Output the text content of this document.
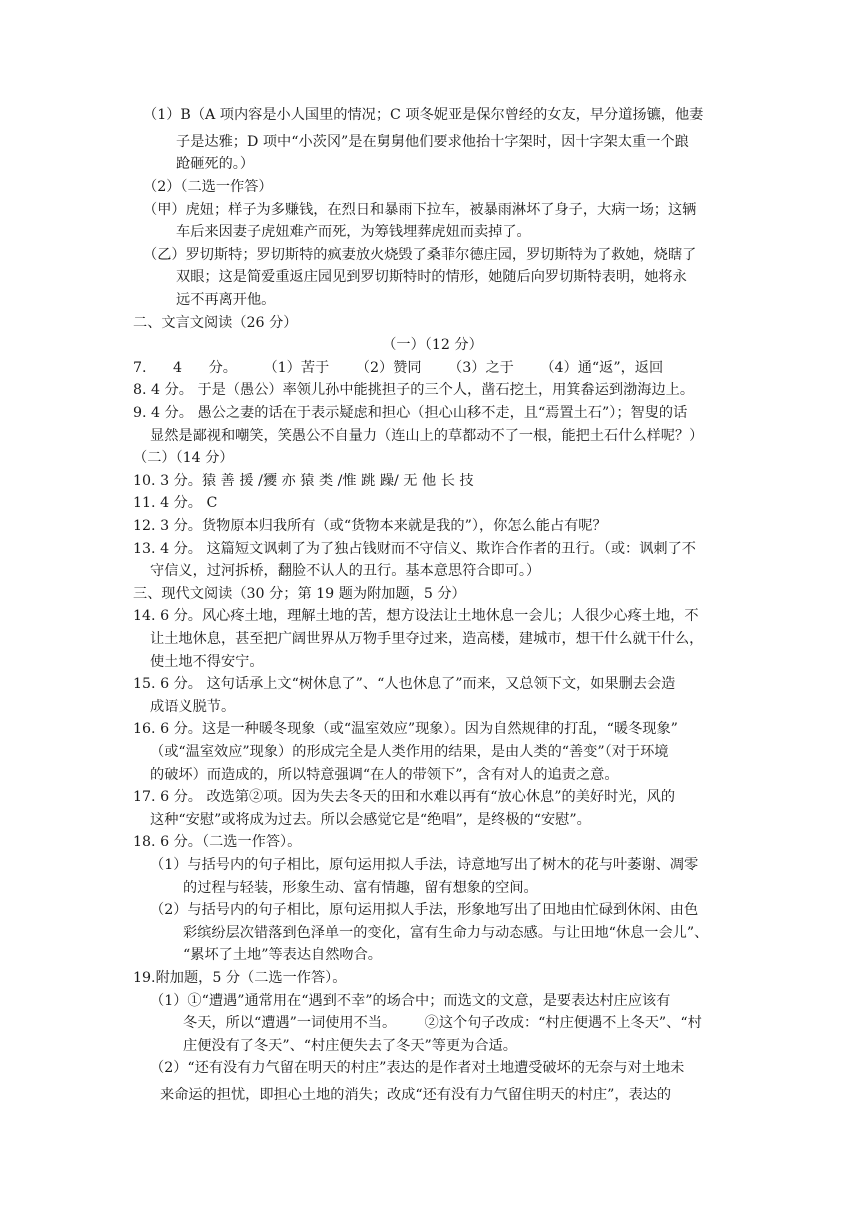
（1）B（A 项内容是小人国里的情况；C 项冬妮亚是保尔曾经的女友，早分道扬镳，他妻
子是达雅；D 项中“小茨冈”是在舅舅他们要求他抬十字架时，因十字架太重一个踉
跄砸死的。）
（2）（二选一作答）
（甲）虎妞；样子为多赚钱，在烈日和暴雨下拉车，被暴雨淋坏了身子，大病一场；这辆
车后来因妻子虎妞难产而死，为筹钱埋葬虎妞而卖掉了。
（乙）罗切斯特；罗切斯特的疯妻放火烧毁了桑菲尔德庄园，罗切斯特为了救她，烧瞎了
双眼；这是简爱重返庄园见到罗切斯特时的情形，她随后向罗切斯特表明，她将永
远不再离开他。
二、文言文阅读（26 分）
（一）（12 分）
7. 4 分。 （1）苦于 （2）赞同 （3）之于 （4）通“返”，返回
8. 4 分。 于是（愚公）率领儿孙中能挑担子的三个人，凿石挖土，用箕畚运到渤海边上。
9. 4 分。 愚公之妻的话在于表示疑虑和担心（担心山移不走，且“焉置土石”）；智叟的话
显然是鄙视和嘲笑，笑愚公不自量力（连山上的草都动不了一根，能把土石什么样呢？）
（二）（14 分）
10. 3 分。猿 善 援 /獿 亦 猿 类 /惟 跳 躁/ 无 他 长 技
11. 4 分。 C
12. 3 分。货物原本归我所有（或“货物本来就是我的”），你怎么能占有呢？
13. 4 分。 这篇短文讽刺了为了独占钱财而不守信义、欺诈合作者的丑行。（或：讽刺了不
守信义，过河拆桥，翻脸不认人的丑行。基本意思符合即可。）
三、现代文阅读（30 分；第 19 题为附加题，5 分）
14. 6 分。风心疼土地，理解土地的苦，想方设法让土地休息一会儿；人很少心疼土地，不
让土地休息，甚至把广阔世界从万物手里夺过来，造高楼，建城市，想干什么就干什么，
使土地不得安宁。
15. 6 分。 这句话承上文“树休息了”、“人也休息了”而来，又总领下文，如果删去会造
成语义脱节。
16. 6 分。这是一种暖冬现象（或“温室效应”现象）。因为自然规律的打乱，“暖冬现象”
（或“温室效应”现象）的形成完全是人类作用的结果，是由人类的“善变”（对于环境
的破坏）而造成的，所以特意强调“在人的带领下”，含有对人的追责之意。
17. 6 分。 改选第②项。因为失去冬天的田和水难以再有“放心休息”的美好时光，风的
这种“安慰”或将成为过去。所以会感觉它是“绝唱”，是终极的“安慰”。
18. 6 分。（二选一作答）。
（1）与括号内的句子相比，原句运用拟人手法，诗意地写出了树木的花与叶萎谢、凋零
的过程与轻装，形象生动、富有情趣，留有想象的空间。
（2）与括号内的句子相比，原句运用拟人手法，形象地写出了田地由忙碌到休闲、由色
彩缤纷层次错落到色泽单一的变化，富有生命力与动态感。与让田地“休息一会儿”、
“累坏了土地”等表达自然吻合。
19.附加题，5 分（二选一作答）。
（1）①“遭遇”通常用在“遇到不幸”的场合中；而选文的文意，是要表达村庄应该有
冬天，所以“遭遇”一词使用不当。 ②这个句子改成：“村庄便遇不上冬天”、“村
庄便没有了冬天”、“村庄便失去了冬天”等更为合适。
（2）“还有没有力气留在明天的村庄”表达的是作者对土地遭受破坏的无奈与对土地未
来命运的担忧，即担心土地的消失；改成“还有没有力气留住明天的村庄”，表达的
